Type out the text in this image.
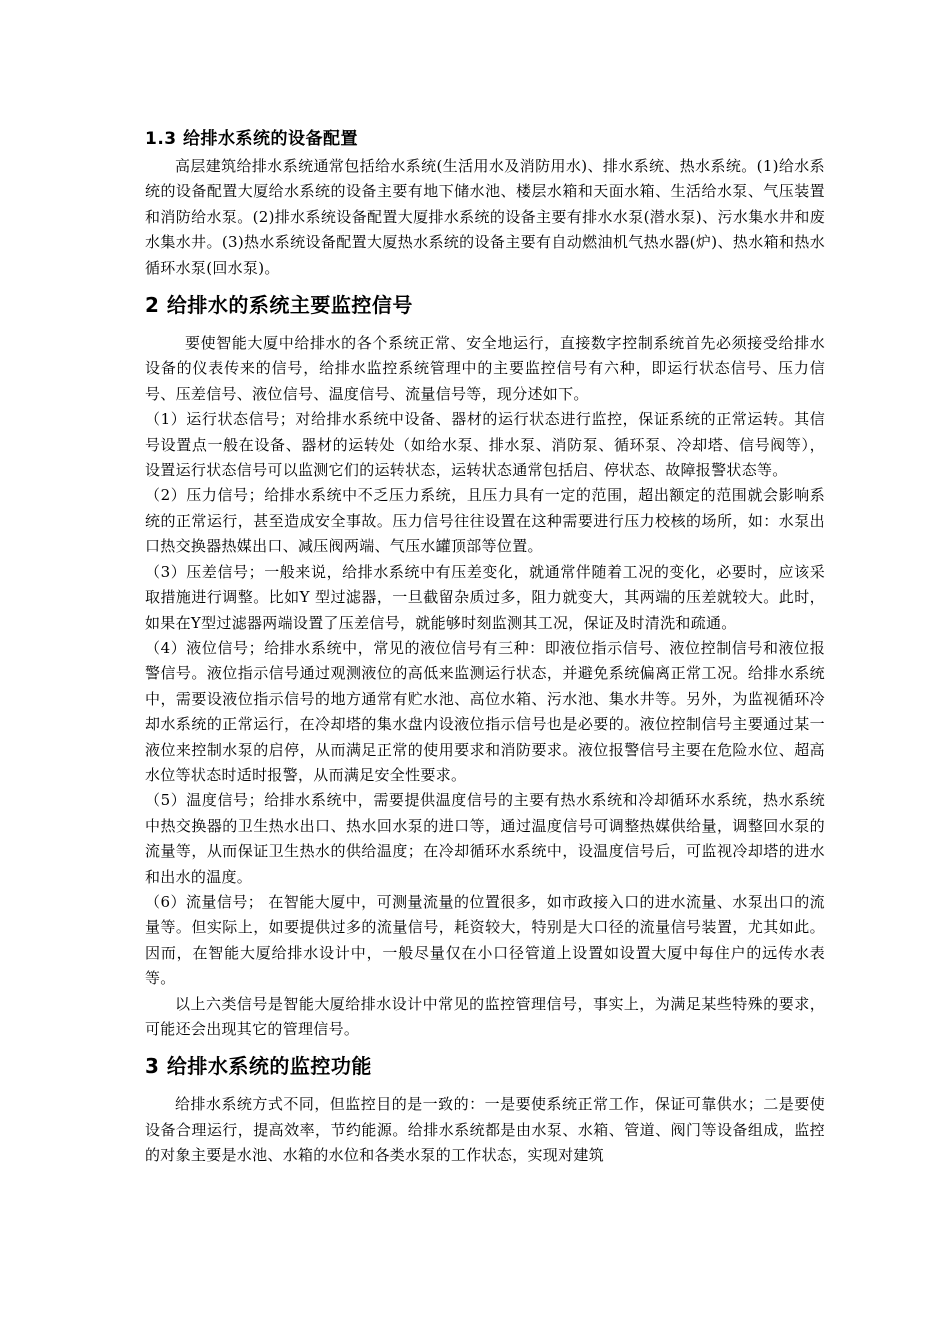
1.3 给排水系统的设备配置

高层建筑给排水系统通常包括给水系统(生活用水及消防用水)、排水系统、热水系统。(1)给水系统的设备配置大厦给水系统的设备主要有地下储水池、楼层水箱和天面水箱、生活给水泵、气压装置和消防给水泵。(2)排水系统设备配置大厦排水系统的设备主要有排水水泵(潜水泵)、污水集水井和废水集水井。(3)热水系统设备配置大厦热水系统的设备主要有自动燃油机气热水器(炉)、热水箱和热水循环水泵(回水泵)。

2 给排水的系统主要监控信号

要使智能大厦中给排水的各个系统正常、安全地运行，直接数字控制系统首先必须接受给排水设备的仪表传来的信号，给排水监控系统管理中的主要监控信号有六种，即运行状态信号、压力信号、压差信号、液位信号、温度信号、流量信号等，现分述如下。

（1）运行状态信号；对给排水系统中设备、器材的运行状态进行监控，保证系统的正常运转。其信号设置点一般在设备、器材的运转处（如给水泵、排水泵、消防泵、循环泵、冷却塔、信号阀等），设置运行状态信号可以监测它们的运转状态，运转状态通常包括启、停状态、故障报警状态等。

（2）压力信号；给排水系统中不乏压力系统，且压力具有一定的范围，超出额定的范围就会影响系统的正常运行，甚至造成安全事故。压力信号往往设置在这种需要进行压力校核的场所，如：水泵出口热交换器热媒出口、减压阀两端、气压水罐顶部等位置。

（3）压差信号；一般来说，给排水系统中有压差变化，就通常伴随着工况的变化，必要时，应该采取措施进行调整。比如Y 型过滤器，一旦截留杂质过多，阻力就变大，其两端的压差就较大。此时，如果在Y型过滤器两端设置了压差信号，就能够时刻监测其工况，保证及时清洗和疏通。

（4）液位信号；给排水系统中，常见的液位信号有三种：即液位指示信号、液位控制信号和液位报警信号。液位指示信号通过观测液位的高低来监测运行状态，并避免系统偏离正常工况。给排水系统中，需要设液位指示信号的地方通常有贮水池、高位水箱、污水池、集水井等。另外，为监视循环冷却水系统的正常运行，在冷却塔的集水盘内设液位指示信号也是必要的。液位控制信号主要通过某一液位来控制水泵的启停，从而满足正常的使用要求和消防要求。液位报警信号主要在危险水位、超高水位等状态时适时报警，从而满足安全性要求。

（5）温度信号；给排水系统中，需要提供温度信号的主要有热水系统和冷却循环水系统，热水系统中热交换器的卫生热水出口、热水回水泵的进口等，通过温度信号可调整热媒供给量，调整回水泵的流量等，从而保证卫生热水的供给温度；在冷却循环水系统中，设温度信号后，可监视冷却塔的进水和出水的温度。

（6）流量信号； 在智能大厦中，可测量流量的位置很多，如市政接入口的进水流量、水泵出口的流量等。但实际上，如要提供过多的流量信号，耗资较大，特别是大口径的流量信号装置，尤其如此。因而，在智能大厦给排水设计中，一般尽量仅在小口径管道上设置如设置大厦中每住户的远传水表等。

以上六类信号是智能大厦给排水设计中常见的监控管理信号，事实上，为满足某些特殊的要求，可能还会出现其它的管理信号。

3 给排水系统的监控功能

给排水系统方式不同，但监控目的是一致的：一是要使系统正常工作，保证可靠供水；二是要使设备合理运行，提高效率，节约能源。给排水系统都是由水泵、水箱、管道、阀门等设备组成，监控的对象主要是水池、水箱的水位和各类水泵的工作状态，实现对建筑
